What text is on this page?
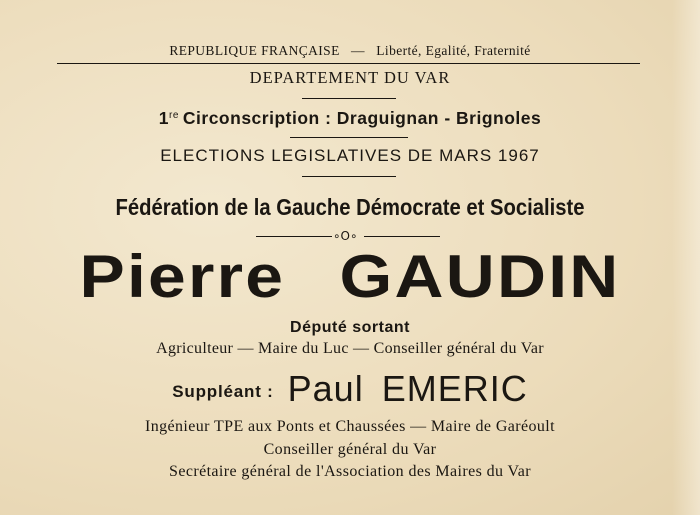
REPUBLIQUE FRANÇAISE — Liberté, Egalité, Fraternité
DEPARTEMENT DU VAR
1re Circonscription : Draguignan - Brignoles
ELECTIONS LEGISLATIVES DE MARS 1967
Fédération de la Gauche Démocrate et Socialiste
∘O∘
Pierre GAUDIN
Député sortant
Agriculteur — Maire du Luc — Conseiller général du Var
Suppléant : Paul EMERIC
Ingénieur TPE aux Ponts et Chaussées — Maire de Garéoult
Conseiller général du Var
Secrétaire général de l'Association des Maires du Var
